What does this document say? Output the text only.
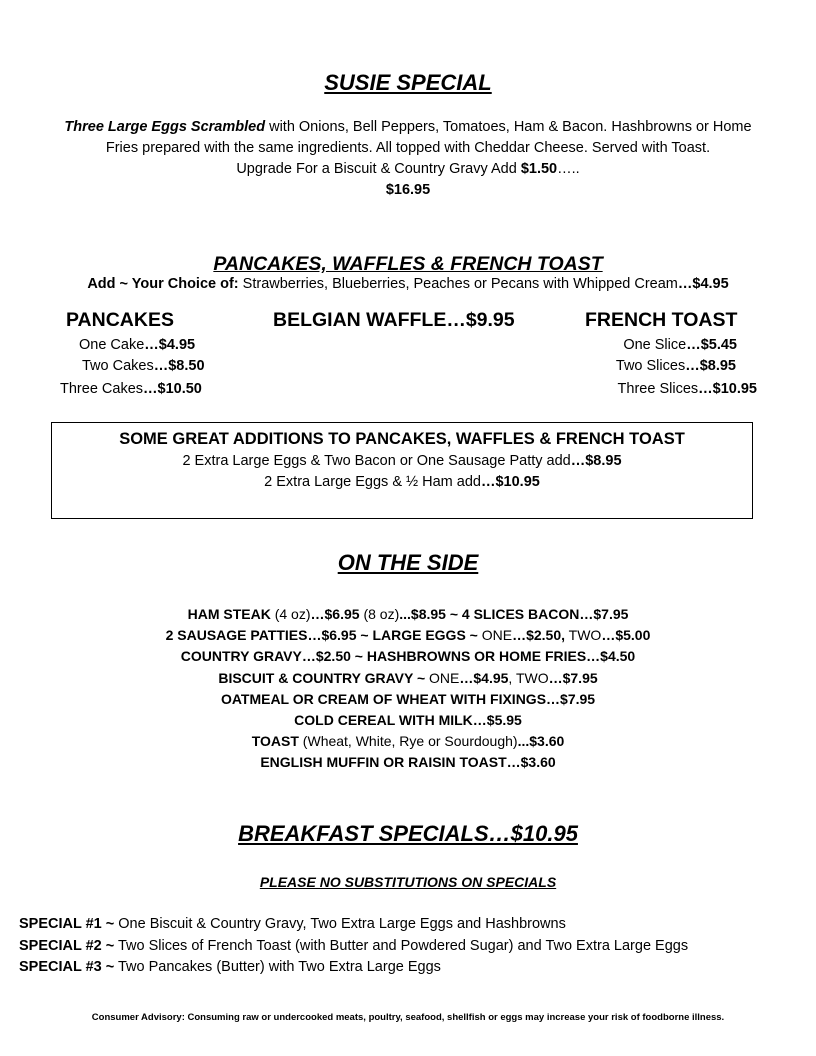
SUSIE SPECIAL
Three Large Eggs Scrambled with Onions, Bell Peppers, Tomatoes, Ham & Bacon. Hashbrowns or Home
Fries prepared with the same ingredients. All topped with Cheddar Cheese. Served with Toast.
Upgrade For a Biscuit & Country Gravy Add $1.50…..
$16.95
PANCAKES, WAFFLES & FRENCH TOAST
Add ~ Your Choice of: Strawberries, Blueberries, Peaches or Pecans with Whipped Cream…$4.95
PANCAKES
One Cake…$4.95
Two Cakes…$8.50
Three Cakes…$10.50
BELGIAN WAFFLE…$9.95	FRENCH TOAST
One Slice…$5.45
Two Slices…$8.95
Three Slices…$10.95
SOME GREAT ADDITIONS TO PANCAKES, WAFFLES & FRENCH TOAST
2 Extra Large Eggs & Two Bacon or One Sausage Patty add…$8.95
2 Extra Large Eggs & ½ Ham add…$10.95
ON THE SIDE
HAM STEAK (4 oz)…$6.95 (8 oz)...$8.95 ~ 4 SLICES BACON…$7.95
2 SAUSAGE PATTIES…$6.95 ~ LARGE EGGS ~ ONE…$2.50, TWO…$5.00
COUNTRY GRAVY…$2.50 ~ HASHBROWNS OR HOME FRIES…$4.50
BISCUIT & COUNTRY GRAVY ~ ONE…$4.95, TWO…$7.95
OATMEAL OR CREAM OF WHEAT WITH FIXINGS…$7.95
COLD CEREAL WITH MILK…$5.95
TOAST (Wheat, White, Rye or Sourdough)...$3.60
ENGLISH MUFFIN OR RAISIN TOAST…$3.60
BREAKFAST SPECIALS…$10.95
PLEASE NO SUBSTITUTIONS ON SPECIALS
SPECIAL #1 ~ One Biscuit & Country Gravy, Two Extra Large Eggs and Hashbrowns
SPECIAL #2 ~ Two Slices of French Toast (with Butter and Powdered Sugar) and Two Extra Large Eggs
SPECIAL #3 ~ Two Pancakes (Butter) with Two Extra Large Eggs
Consumer Advisory: Consuming raw or undercooked meats, poultry, seafood, shellfish or eggs may increase your risk of foodborne illness.
